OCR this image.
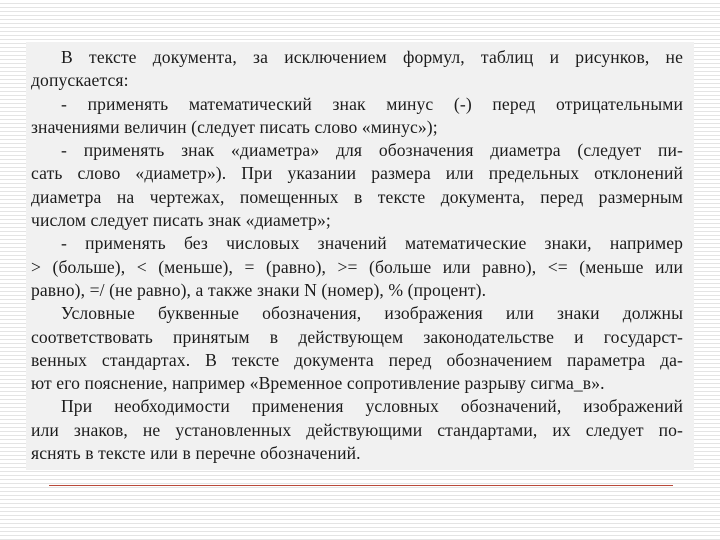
В тексте документа, за исключением формул, таблиц и рисунков, не
допускается:
- применять математический знак минус (-) перед отрицательными
значениями величин (следует писать слово «минус»);
- применять знак «диаметра» для обозначения диаметра (следует пи-
сать слово «диаметр»). При указании размера или предельных отклонений
диаметра на чертежах, помещенных в тексте документа, перед размерным
числом следует писать знак «диаметр»;
- применять без числовых значений математические знаки, например
> (больше), < (меньше), = (равно), >= (больше или равно), <= (меньше или
равно), =/ (не равно), а также знаки N (номер), % (процент).
Условные буквенные обозначения, изображения или знаки должны
соответствовать принятым в действующем законодательстве и государст-
венных стандартах. В тексте документа перед обозначением параметра да-
ют его пояснение, например «Временное сопротивление разрыву сигма_в».
При необходимости применения условных обозначений, изображений
или знаков, не установленных действующими стандартами, их следует по-
яснять в тексте или в перечне обозначений.
